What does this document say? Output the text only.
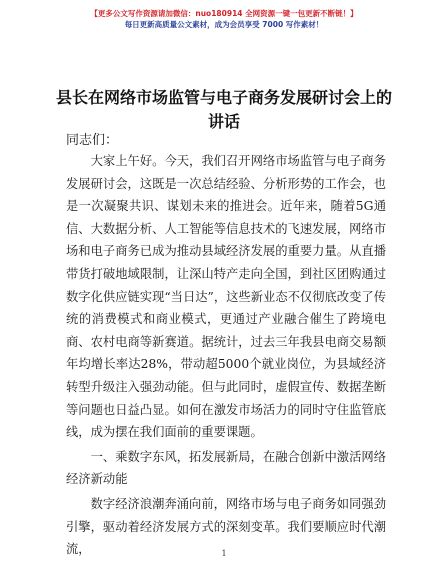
【更多公文写作资源请加微信：nuo180914 全网资源一键一包更新不断链！】
每日更新高质量公文素材，成为会员享受 7000 写作素材！
县长在网络市场监管与电子商务发展研讨会上的讲话
同志们：

大家上午好。今天，我们召开网络市场监管与电子商务发展研讨会，这既是一次总结经验、分析形势的工作会，也是一次凝聚共识、谋划未来的推进会。近年来，随着5G通信、大数据分析、人工智能等信息技术的飞速发展，网络市场和电子商务已成为推动县域经济发展的重要力量。从直播带货打破地域限制，让深山特产走向全国，到社区团购通过数字化供应链实现“当日达”，这些新业态不仅彻底改变了传统的消费模式和商业模式，更通过产业融合催生了跨境电商、农村电商等新赛道。据统计，过去三年我县电商交易额年均增长率达28%，带动超5000个就业岗位，为县域经济转型升级注入强劲动能。但与此同时，虚假宣传、数据垄断等问题也日益凸显。如何在激发市场活力的同时守住监管底线，成为摆在我们面前的重要课题。

一、乘数字东风，拓发展新局，在融合创新中激活网络经济新动能

数字经济浪潮奔涌向前，网络市场与电子商务如同强劲引擎，驱动着经济发展方式的深刻变革。我们要顺应时代潮流，	1
